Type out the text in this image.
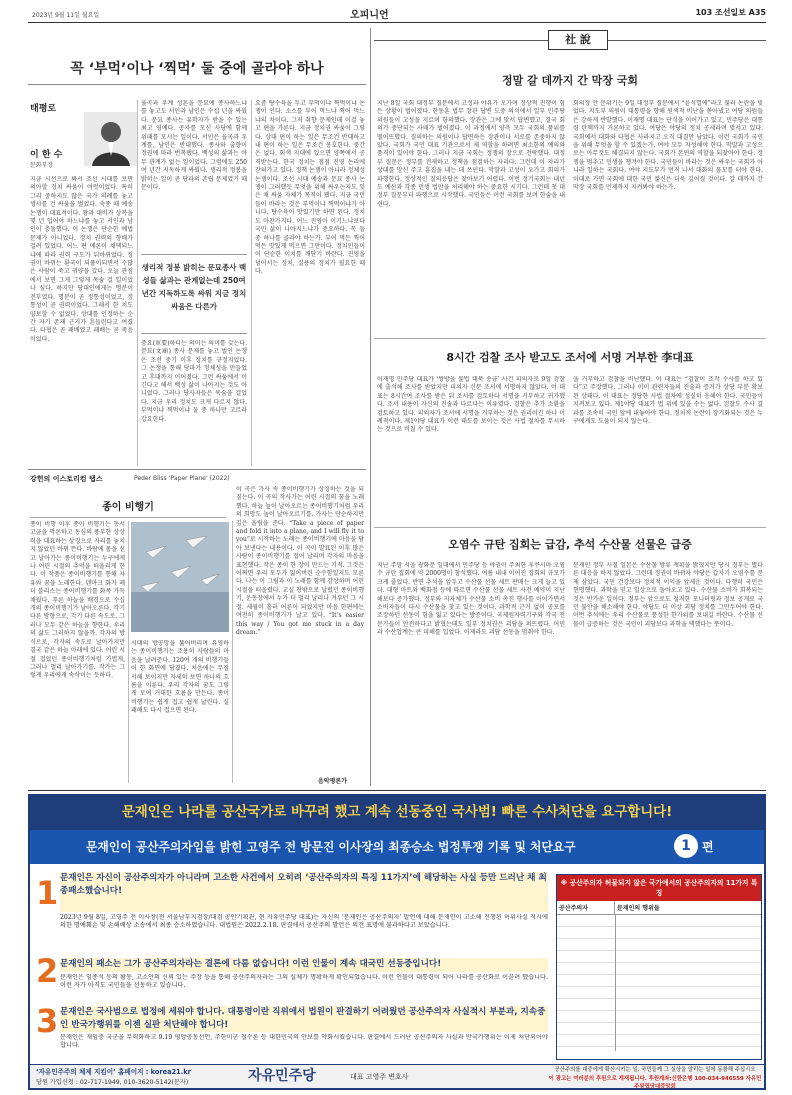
2023년 9월 11일 월요일	오피니언	103 조선일보 A35
꼭 ‘부먹’이나 ‘찍먹’ 둘 중에 골라야 하나
태평로
이 한 수
문화부장
지금 시선으로 봐서 조선 시대를 보면 의아할 정치 싸움이 여럿이었다. 특히 그리 중하지도 않은 국가 의례를 놓고 생사를 건 싸움을 벌였다. 숙종 때 예송 논쟁이 대표적이다. 왕과 대비가 상복을 몇 년 입어야 하느냐를 놓고 서인과 남인이 충돌했다. 이 논쟁은 단순한 예법 문제가 아니었다. 정치 권력의 향배가 걸려 있었다. 어느 편 예론이 채택되느냐에 따라 권력 구도가 뒤바뀌었다. 정권이 바뀌는 환국이 되풀이되면서 수많은 사람이 죽고 귀양을 갔다. 오늘 관점에서 보면 그게 그렇게 목숨 걸 일이었나 싶다. 하지만 당대인에게는 명분이 전부였다. 명분이 곧 정통성이었고, 정통성이 곧 권력이었다. 그래서 한 치도 양보할 수 없었다. 상대를 인정하는 순간 자기 존재 근거가 흔들린다고 여겼다. 타협은 곧 패배였고 패배는 곧 죽음이었다.
율곡과 우계 성혼을 문묘에 종사하느냐를 놓고도 서인과 남인은 수십 년을 싸웠다. 문묘 종사는 유학자가 받을 수 있는 최고 영예다. 공자를 모신 사당에 함께 위패를 모시는 일이다. 서인은 율곡과 우계를, 남인은 반대했다. 종사와 출향이 정권에 따라 번복됐다. 백성의 삶과는 아무 관계가 없는 일이었다. 그럼에도 250여 년간 지독하게 싸웠다. 생리적 정봉을 밝히는 일이 곧 당파의 존립 문제였기 때문이다.
생리적 정봉 밝히는 문묘종사 백성들 삶과는 관계없는데 250여 년간 지독하도록 싸워 지금 정치 싸움은 다른가
중요(重要)하다는 의미는 의미를 갖는다. 문묘(文廟) 종사 문제를 놓고 벌인 논쟁은 조선 중기 이후 정치를 규정지었다. 그 논쟁을 통해 당파가 정체성을 만들었고 후대까지 이어졌다. 그런 싸움에서 이긴다고 해서 백성 삶이 나아지는 것도 아니었다. 그러나 당사자들은 목숨을 걸었다. 지금 우리 정치도 크게 다르지 않다. 부먹이냐 찍먹이냐 둘 중 하나만 고르라 강요한다.
요즘 탕수육을 두고 부먹이냐 찍먹이냐 논쟁이 인다. 소스를 부어 먹느냐 찍어 먹느냐의 차이다. 그저 취향 문제인데 이걸 놓고 편을 가른다. 지금 정치권 싸움이 그렇다. 상대 편이 하는 일은 무조건 반대하고 내 편이 하는 일은 무조건 옹호한다. 중간은 없다. 회색 지대에 있으면 양쪽에서 공격받는다. 한국 정치는 점점 진영 논리에 갇혀가고 있다. 정책 논쟁이 아니라 정체성 논쟁이다. 조선 시대 예송과 문묘 종사 논쟁이 그러했듯 무엇을 위해 싸우는지도 잊은 채 싸움 자체가 목적이 됐다. 지금 국민들이 바라는 것은 부먹이냐 찍먹이냐가 아니다. 탕수육이 맛있기만 하면 된다. 정치도 마찬가지다. 어느 진영이 이기느냐보다 국민 삶이 나아지느냐가 중요하다. 꼭 둘 중 하나를 골라야 하는가. 부어 먹든 찍어 먹든 맛있게 먹으면 그만이다. 정치인들이 이 단순한 이치를 깨닫기 바란다. 진영을 넘어서는 정치, 실용의 정치가 필요한 때다.
강헌의 이스토리컴 탭스	Peder Bliss ‘Paper Plane’ (2022)
종이 비행기
종이 비행 이후 종이 비행기는 동서고금을 막론하고 동심의 풍부한 상상력을 대표하는 상징으로 자리를 놓치지 않았던 바뀌 뜬다. 바람에 몸을 싣고 날아가는 종이비행기는 누구에게나 어린 시절의 추억을 떠올리게 한다. 이 작품은 종이비행기를 통해 자유와 꿈을 노래한다. 덴마크 화가 페더 블리스는 종이비행기를 화폭 가득 채웠다. 푸른 하늘을 배경으로 수십 개의 종이비행기가 날아오른다. 각기 다른 방향으로, 각기 다른 속도로. 그러나 모두 같은 하늘을 향한다. 우리의 삶도 그러하지 않을까. 각자의 방식으로, 각자의 속도로 날아가지만 결국 같은 하늘 아래에 있다. 어린 시절 접었던 종이비행기처럼 가볍게, 그러나 멀리 날아가기를. 작가는 그렇게 우리에게 속삭이는 듯하다.
시대의 방공망을 뚫어버리며 유영하는 종이비행기는 조용히 사람들의 마음을 날려준다. 120여 개의 비행기들이 한 화면에 담겼다. 처음에는 무질서해 보이지만 자세히 보면 하나의 흐름을 이룬다. 우리 각자의 꿈도 그렇게 모여 거대한 흐름을 만든다. 종이비행기는 쉽게 접고 쉽게 날린다. 실패해도 다시 접으면 된다.
이 곡은 가사 속 종이비행기가 상징하는 것을 되짚는다. 이 곡의 작사가는 어린 시절의 꿈을 노래했다. 하늘 높이 날아오르는 종이비행기처럼 우리의 희망도 높이 날아오르기를. 가사는 단순하지만 깊은 울림을 준다. “Take a piece of paper and fold it into a plane, and I will fly it to you”로 시작하는 노래는 종이비행기에 마음을 담아 보낸다는 내용이다. 이 곡이 발표된 이후 많은 사람이 종이비행기를 접어 날리며 각자의 마음을 표현했다. 작은 종이 한 장이 만드는 기적. 그것은 어쩌면 우리 모두가 잃어버린 순수함일지도 모른다. 나는 이 그림과 이 노래를 함께 감상하며 어린 시절을 떠올렸다. 교실 창밖으로 날렸던 종이비행기, 운동장에서 누가 더 멀리 날리나 겨루던 그 시절. 세월이 흘러 어른이 되었지만 마음 한편에는 여전히 종이비행기가 날고 있다. “It’s easier this way / You got me stuck in a day dream.”
음악평론가
社 說
정말 갈 데까지 간 막장 국회
지난 8일 국회 대정부 질문에서 고성과 야유가 오가며 정상적 진행이 힘든 상황이 벌어졌다. 한동훈 법무 장관 답변 도중 의석에서 일부 민주당 의원들이 고성을 지르며 항의했다. 장관은 그에 맞서 답변했고, 결국 회의가 중단되는 사태가 벌어졌다. 이 과정에서 양측 모두 국회의 품위를 떨어뜨렸다. 질의하는 의원이나 답변하는 장관이나 서로를 존중하지 않았다. 국회가 국민 대표 기관으로서 제 역할을 하려면 최소한의 예의와 품격이 있어야 한다. 그러나 지금 국회는 정쟁의 장으로 전락했다. 대정부 질문은 정부를 견제하고 정책을 점검하는 자리다. 그런데 이 자리가 상대를 망신 주고 흠집을 내는 데 쓰인다. 막말과 고성이 오가고 회의가 파행한다. 정상적인 질의응답은 찾아보기 어렵다. 이번 정기국회는 내년도 예산과 각종 민생 법안을 처리해야 하는 중요한 시기다. 그런데 첫 대정부 질문부터 파행으로 시작했다. 국민들은 이런 국회를 보며 한숨을 내쉰다.
회의장 안 분위기는 9일 대정부 질문에서 “윤석열에”라고 불러 논란을 빚었다. 지도부 의원이 대통령을 향해 원색적 비난을 쏟아냈고 여당 의원들은 강하게 반발했다. 이재명 대표는 단식을 이어가고 있고, 민주당은 대통령 탄핵까지 거론하고 있다. 여당은 야당의 정치 공세라며 맞서고 있다. 국회에서 대화와 타협은 사라지고 오직 대결만 남았다. 이런 국회가 국민을 위해 무엇을 할 수 있겠는가. 여야 모두 자성해야 한다. 막말과 고성으로는 아무것도 해결되지 않는다. 국회가 본연의 역할을 되찾아야 한다. 정쟁을 멈추고 민생을 챙겨야 한다. 국민들이 바라는 것은 싸우는 국회가 아니라 일하는 국회다. 여야 지도부가 먼저 나서 대화의 물꼬를 터야 한다. 이대로 가면 국회에 대한 국민 불신은 더욱 깊어질 것이다. 갈 데까지 간 막장 국회를 언제까지 지켜봐야 하는가.
8시간 검찰 조사 받고도 조서에 서명 거부한 李대표
이재명 민주당 대표가 ‘쌍방울 불법 대북 송금’ 사건 피의자로 9일 검찰에 출석해 조사를 받았지만 피의자 신문 조서에 서명하지 않았다. 이 대표는 8시간여 조사를 받은 뒤 조서를 검토하다 서명을 거부하고 귀가했다. 조서 내용이 자신의 진술과 다르다는 이유였다. 검찰은 추가 소환을 검토하고 있다. 피의자가 조서에 서명을 거부하는 것은 권리이긴 하나 이례적이다. 제1야당 대표가 이런 태도를 보이는 것은 사법 절차를 무시하는 것으로 비칠 수 있다.
을 거부하고 검찰을 비난했다. 이 대표는 “검찰이 조작 수사를 하고 있다”고 주장했다. 그러나 이미 관련자들의 진술과 증거가 상당 부분 확보된 상태다. 이 대표는 정당한 사법 절차에 성실히 응해야 한다. 국민들이 지켜보고 있다. 제1야당 대표가 법 위에 있을 수는 없다. 검찰도 수사 결과를 조속히 국민 앞에 내놓아야 한다. 정치적 논란이 장기화되는 것은 누구에게도 도움이 되지 않는다.
오염수 규탄 집회는 급감, 추석 수산물 선물은 급증
지난 주말 서울 광화문 일대에서 민주당 등 야권이 주최한 후쿠시마 오염수 규탄 집회에 약 2000명이 참석했다. 여름 내내 이어진 집회의 규모가 크게 줄었다. 반면 추석을 앞두고 수산물 선물 세트 판매는 크게 늘고 있다. 대형 마트와 백화점 등에 따르면 수산물 선물 세트 사전 예약이 지난해보다 증가했다. 정부와 지자체가 수산물 소비 촉진 행사를 이어가면서 소비자들이 다시 수산물을 찾고 있는 것이다. 과학적 근거 없이 공포를 조장하던 선동이 힘을 잃고 있다는 방증이다. 국제원자력기구와 각국 전문가들이 안전하다고 밝혔는데도 일부 정치권은 괴담을 퍼뜨렸다. 어민과 수산업계는 큰 피해를 입었다. 이제라도 괴담 선동을 멈춰야 한다.
문재인 정부 시절 일본은 수산물 방류 계획을 밝혔지만 당시 정부는 별다른 대응을 하지 않았다. 그런데 정권이 바뀌자 야당은 갑자기 오염수를 문제 삼았다. 국민 건강보다 정치적 이익을 앞세운 것이다. 다행히 국민은 현명했다. 과학을 믿고 일상으로 돌아오고 있다. 수산물 소비가 회복되는 것은 반가운 일이다. 정부는 앞으로도 철저한 모니터링과 정보 공개로 국민 불안을 해소해야 한다. 야당도 더 이상 괴담 정치를 그만두어야 한다. 이번 추석에는 우리 수산물로 풍성한 한가위를 보내길 바란다. 수산물 선물이 급증하는 것은 국민이 괴담보다 과학을 택했다는 뜻이다.
문재인은 나라를 공산국가로 바꾸려 했고 계속 선동중인 국사범! 빠른 수사처단을 요구합니다!
문재인이 공산주의자임을 밝힌 고영주 전 방문진 이사장의 최종승소 법정투쟁 기록 및 처단요구	1 편
1 문재인은 자신이 공산주의자가 아니라며 고소한 사건에서 오히려 ‘공산주의자의 특징 11가지’에 해당하는 사실 등만 드러난 채 최종패소했습니다!
2023년 9월 8일, 고영주 전 이사장(전 서울남부지검장/대검 공안기획관, 현 자유민주당 대표)는 자신의 ‘문재인은 공산주의자’ 발언에 대해 문재인이 고소해 진행된 허위사실 적시에 의한 명예훼손 및 손해배상 소송에서 최종 승소하였습니다. 대법원은 2022.2.18. 판결에서 공산주의 발언은 의견 표명에 불과하다고 보았습니다.
2 문재인의 패소는 그가 공산주의자라는 결론에 다름 없습니다! 이런 인물이 계속 대국민 선동중입니다!
문재인은 임종석 등의 활동, 고소인의 신뢰 있는 주장 등을 통해 공산주의자라는 그의 실체가 명확하게 확인되었습니다. 이런 인물이 대통령이 되어 나라를 공산화로 이끌려 했습니다. 이런 자가 아직도 국민들을 선동하고 있습니다.
3 문재인은 국사범으로 법정에 세워야 합니다. 대통령이란 직위에서 법원이 판결하기 어려웠던 공산주의자 사실적시 부분과, 지속중인 반국가행위를 이젠 실판 처단해야 합니다!
문재인은 재임중 국군을 무력화하고 9.19 평양공동선언, 주한미군 철수론 등 대한민국의 안보를 약화시켰습니다. 판결에서 드러난 공산주의자 사실과 반국가행위는 이제 처단되어야 합니다.
※ 공산주의자 허물되지 않은 국가에서의 공산주의자의 11가지 특징
공산주의자	문재인의 행위들
‘자유민주주의 체제 지킴이’ 홈페이지 : korea21.kr
당원 가입신청 : 02-717-1949, 010-3620-5142(문자)	자유민주당	대표 고영주 변호사
공산주의를 대중에게 확산시키는 일, 국민들께 그 실상을 알리는 일에 동참해 주십시오
이 광고는 여러분의 후원으로 게재됩니다. 후원계좌:신한은행 100-034-946559 자유민주왕립당대중앙회
